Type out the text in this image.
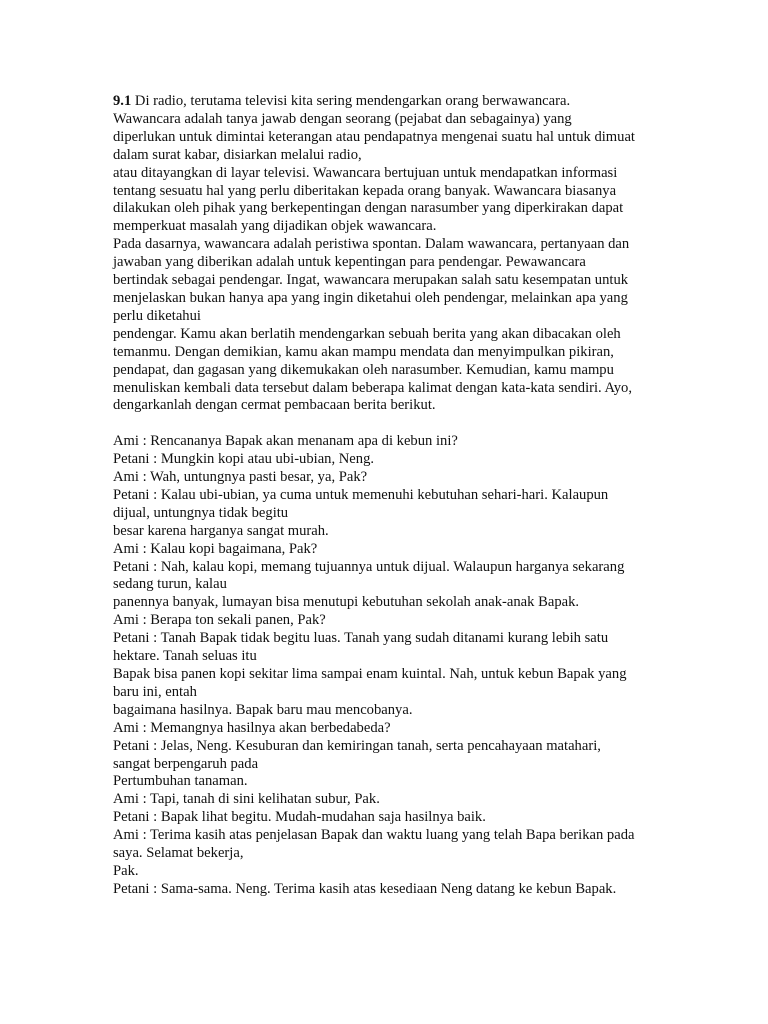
9.1 Di radio, terutama televisi kita sering mendengarkan orang berwawancara.
Wawancara adalah tanya jawab dengan seorang (pejabat dan sebagainya) yang
diperlukan untuk dimintai keterangan atau pendapatnya mengenai suatu hal untuk dimuat
dalam surat kabar, disiarkan melalui radio,
atau ditayangkan di layar televisi. Wawancara bertujuan untuk mendapatkan informasi
tentang sesuatu hal yang perlu diberitakan kepada orang banyak. Wawancara biasanya
dilakukan oleh pihak yang berkepentingan dengan narasumber yang diperkirakan dapat
memperkuat masalah yang dijadikan objek wawancara.
Pada dasarnya, wawancara adalah peristiwa spontan. Dalam wawancara, pertanyaan dan
jawaban yang diberikan adalah untuk kepentingan para pendengar. Pewawancara
bertindak sebagai pendengar. Ingat, wawancara merupakan salah satu kesempatan untuk
menjelaskan bukan hanya apa yang ingin diketahui oleh pendengar, melainkan apa yang
perlu diketahui
pendengar. Kamu akan berlatih mendengarkan sebuah berita yang akan dibacakan oleh
temanmu. Dengan demikian, kamu akan mampu mendata dan menyimpulkan pikiran,
pendapat, dan gagasan yang dikemukakan oleh narasumber. Kemudian, kamu mampu
menuliskan kembali data tersebut dalam beberapa kalimat dengan kata-kata sendiri. Ayo,
dengarkanlah dengan cermat pembacaan berita berikut.
Ami : Rencananya Bapak akan menanam apa di kebun ini?
Petani : Mungkin kopi atau ubi-ubian, Neng.
Ami : Wah, untungnya pasti besar, ya, Pak?
Petani : Kalau ubi-ubian, ya cuma untuk memenuhi kebutuhan sehari-hari. Kalaupun
dijual, untungnya tidak begitu
besar karena harganya sangat murah.
Ami : Kalau kopi bagaimana, Pak?
Petani : Nah, kalau kopi, memang tujuannya untuk dijual. Walaupun harganya sekarang
sedang turun, kalau
panennya banyak, lumayan bisa menutupi kebutuhan sekolah anak-anak Bapak.
Ami : Berapa ton sekali panen, Pak?
Petani : Tanah Bapak tidak begitu luas. Tanah yang sudah ditanami kurang lebih satu
hektare. Tanah seluas itu
Bapak bisa panen kopi sekitar lima sampai enam kuintal. Nah, untuk kebun Bapak yang
baru ini, entah
bagaimana hasilnya. Bapak baru mau mencobanya.
Ami : Memangnya hasilnya akan berbedabeda?
Petani : Jelas, Neng. Kesuburan dan kemiringan tanah, serta pencahayaan matahari,
sangat berpengaruh pada
Pertumbuhan tanaman.
Ami : Tapi, tanah di sini kelihatan subur, Pak.
Petani : Bapak lihat begitu. Mudah-mudahan saja hasilnya baik.
Ami : Terima kasih atas penjelasan Bapak dan waktu luang yang telah Bapa berikan pada
saya. Selamat bekerja,
Pak.
Petani : Sama-sama. Neng. Terima kasih atas kesediaan Neng datang ke kebun Bapak.
